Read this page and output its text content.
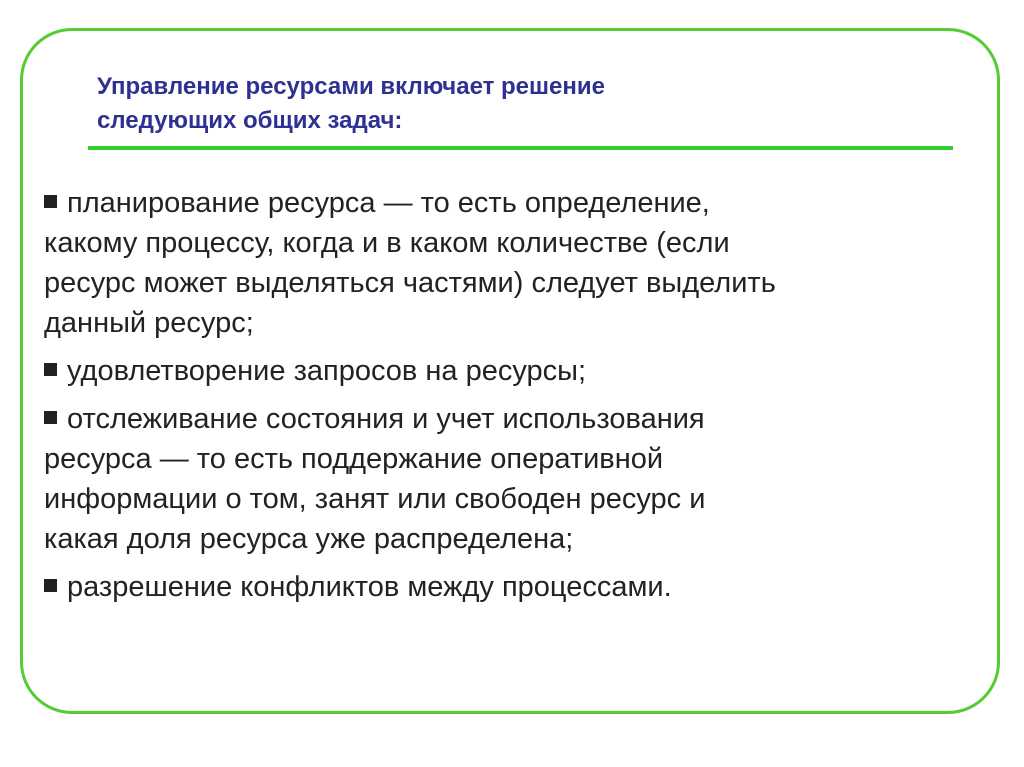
Управление ресурсами включает решение
следующих общих задач:
планирование ресурса — то есть определение,
какому процессу, когда и в каком количестве (если
ресурс может выделяться частями) следует выделить
данный ресурс;
удовлетворение запросов на ресурсы;
отслеживание состояния и учет использования
ресурса — то есть поддержание оперативной
информации о том, занят или свободен ресурс и
какая доля ресурса уже распределена;
разрешение конфликтов между процессами.
